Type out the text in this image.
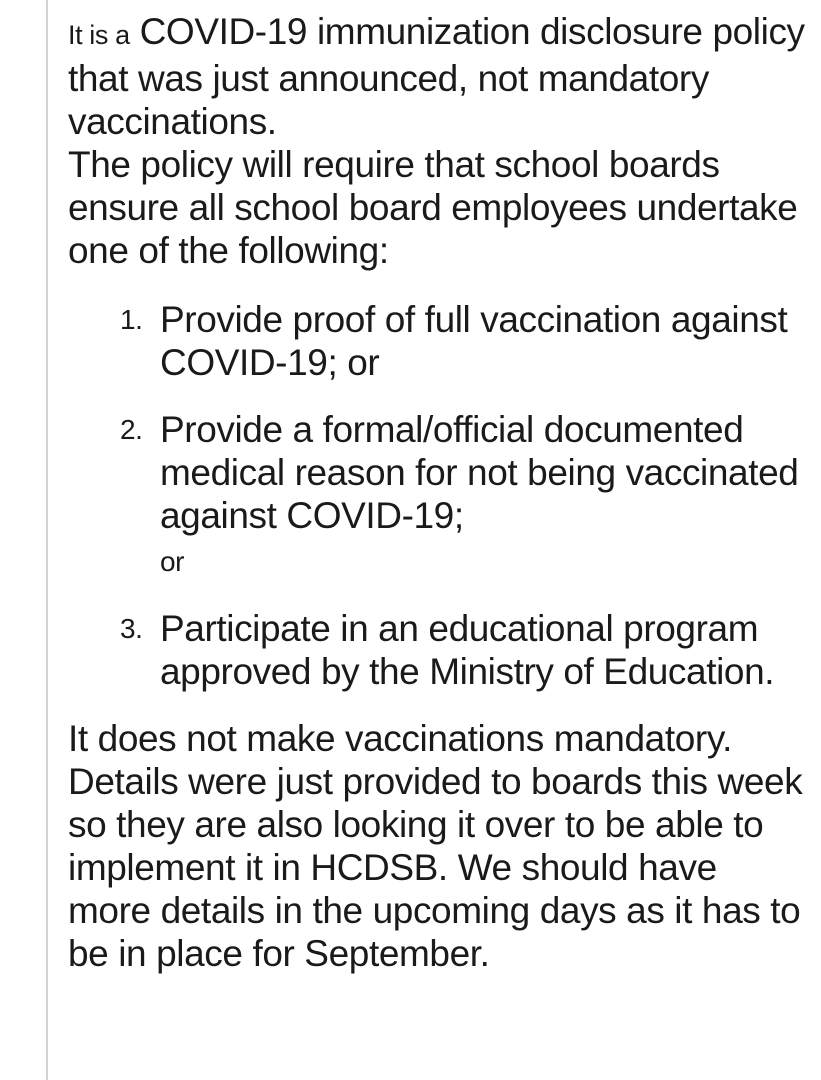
It is a COVID-19 immunization disclosure policy that was just announced, not mandatory vaccinations.
The policy will require that school boards ensure all school board employees undertake one of the following:

1. Provide proof of full vaccination against COVID-19; or
2. Provide a formal/official documented medical reason for not being vaccinated against COVID-19;
or
3. Participate in an educational program approved by the Ministry of Education.

It does not make vaccinations mandatory. Details were just provided to boards this week so they are also looking it over to be able to implement it in HCDSB. We should have more details in the upcoming days as it has to be in place for September.
